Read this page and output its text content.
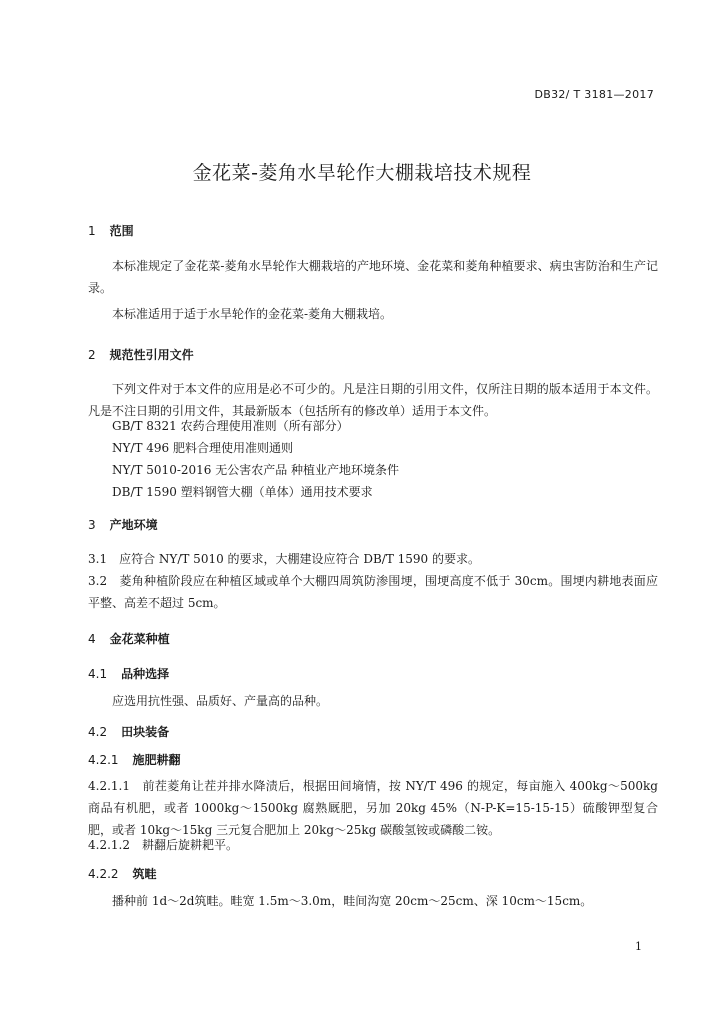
DB32/ T 3181—2017
金花菜-菱角水旱轮作大棚栽培技术规程
1 范围
本标准规定了金花菜-菱角水旱轮作大棚栽培的产地环境、金花菜和菱角种植要求、病虫害防治和生产记录。
本标准适用于适于水旱轮作的金花菜-菱角大棚栽培。
2 规范性引用文件
下列文件对于本文件的应用是必不可少的。凡是注日期的引用文件，仅所注日期的版本适用于本文件。凡是不注日期的引用文件，其最新版本（包括所有的修改单）适用于本文件。
GB/T 8321 农药合理使用准则（所有部分）
NY/T 496 肥料合理使用准则通则
NY/T 5010-2016 无公害农产品 种植业产地环境条件
DB/T 1590 塑料钢管大棚（单体）通用技术要求
3 产地环境
3.1　应符合 NY/T 5010 的要求，大棚建设应符合 DB/T 1590 的要求。
3.2　菱角种植阶段应在种植区域或单个大棚四周筑防渗围埂，围埂高度不低于 30cm。围埂内耕地表面应平整、高差不超过 5cm。
4 金花菜种植
4.1 品种选择
应选用抗性强、品质好、产量高的品种。
4.2 田块装备
4.2.1 施肥耕翻
4.2.1.1　前茬菱角让茬并排水降渍后，根据田间墒情，按 NY/T 496 的规定，每亩施入 400kg～500kg 商品有机肥，或者 1000kg～1500kg 腐熟厩肥，另加 20kg 45%（N-P-K=15-15-15）硫酸钾型复合肥，或者 10kg～15kg 三元复合肥加上 20kg～25kg 碳酸氢铵或磷酸二铵。
4.2.1.2　耕翻后旋耕耙平。
4.2.2 筑畦
播种前 1d～2d筑畦。畦宽 1.5m～3.0m，畦间沟宽 20cm～25cm、深 10cm～15cm。
1
